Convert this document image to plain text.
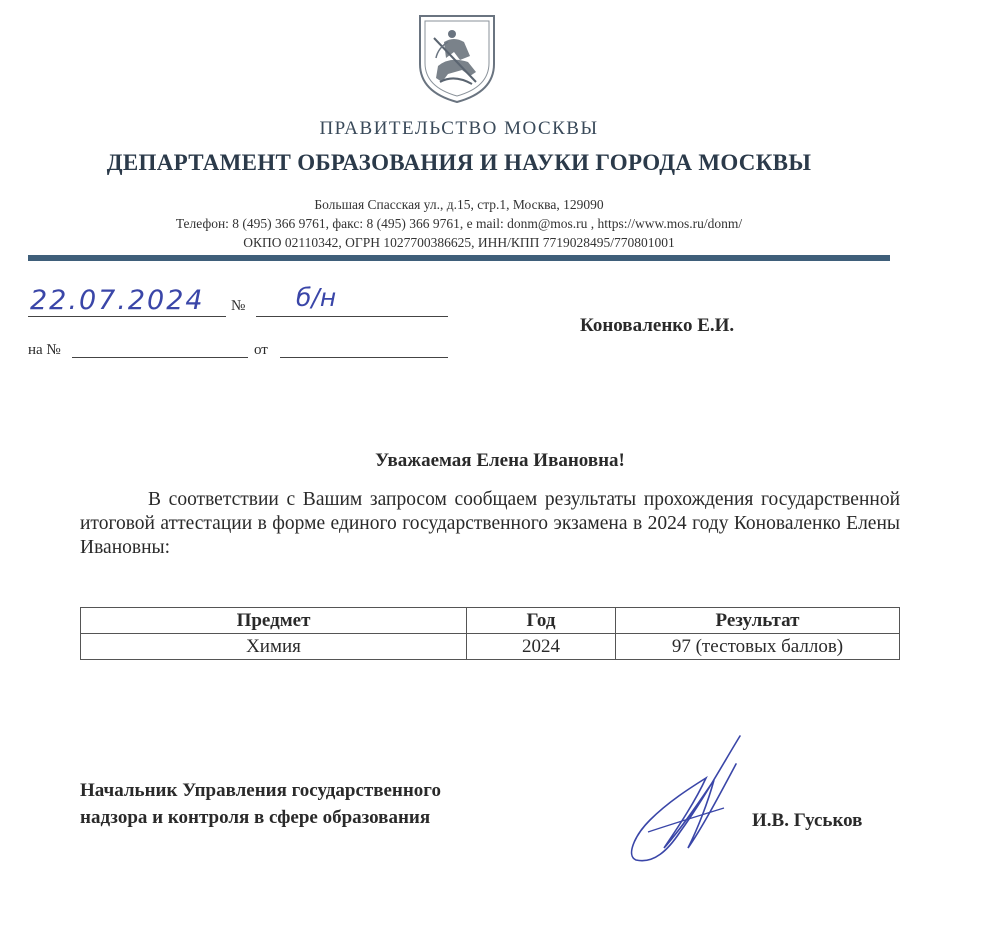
ПРАВИТЕЛЬСТВО МОСКВЫ
ДЕПАРТАМЕНТ ОБРАЗОВАНИЯ И НАУКИ ГОРОДА МОСКВЫ
Большая Спасская ул., д.15, стр.1, Москва, 129090
Телефон: 8 (495) 366 9761, факс: 8 (495) 366 9761, e mail: donm@mos.ru , https://www.mos.ru/donm/
ОКПО 02110342, ОГРН 1027700386625, ИНН/КПП 7719028495/770801001
22.07.2024 № б/н
на №	от
Коноваленко Е.И.
Уважаемая Елена Ивановна!
В соответствии с Вашим запросом сообщаем результаты прохождения государственной итоговой аттестации в форме единого государственного экзамена в 2024 году Коноваленко Елены Ивановны:
Предмет	Год	Результат
Химия	2024	97 (тестовых баллов)
Начальник Управления государственного
надзора и контроля в сфере образования	И.В. Гуськов
